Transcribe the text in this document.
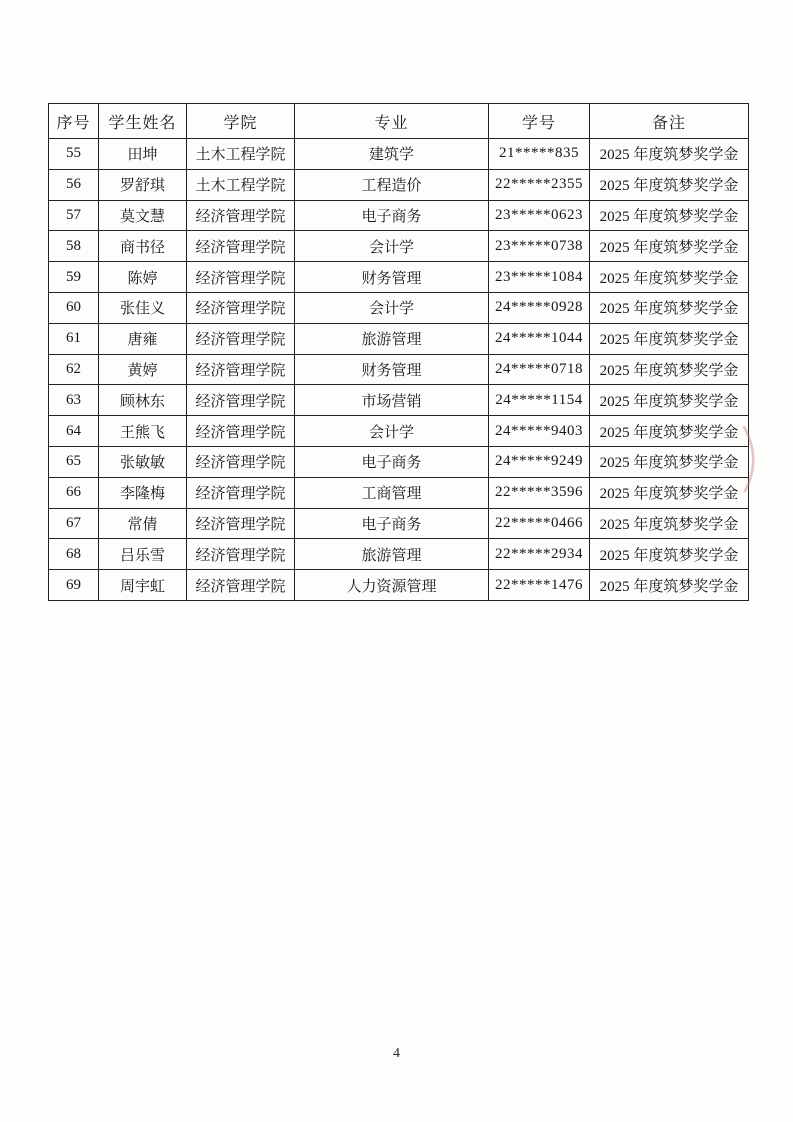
序号	学生姓名	学院	专业	学号	备注
55	田坤	土木工程学院	建筑学	21*****835	2025 年度筑梦奖学金
56	罗舒琪	土木工程学院	工程造价	22*****2355	2025 年度筑梦奖学金
57	莫文慧	经济管理学院	电子商务	23*****0623	2025 年度筑梦奖学金
58	商书径	经济管理学院	会计学	23*****0738	2025 年度筑梦奖学金
59	陈婷	经济管理学院	财务管理	23*****1084	2025 年度筑梦奖学金
60	张佳义	经济管理学院	会计学	24*****0928	2025 年度筑梦奖学金
61	唐雍	经济管理学院	旅游管理	24*****1044	2025 年度筑梦奖学金
62	黄婷	经济管理学院	财务管理	24*****0718	2025 年度筑梦奖学金
63	顾林东	经济管理学院	市场营销	24*****1154	2025 年度筑梦奖学金
64	王熊飞	经济管理学院	会计学	24*****9403	2025 年度筑梦奖学金
65	张敏敏	经济管理学院	电子商务	24*****9249	2025 年度筑梦奖学金
66	李隆梅	经济管理学院	工商管理	22*****3596	2025 年度筑梦奖学金
67	常倩	经济管理学院	电子商务	22*****0466	2025 年度筑梦奖学金
68	吕乐雪	经济管理学院	旅游管理	22*****2934	2025 年度筑梦奖学金
69	周宇虹	经济管理学院	人力资源管理	22*****1476	2025 年度筑梦奖学金
4
